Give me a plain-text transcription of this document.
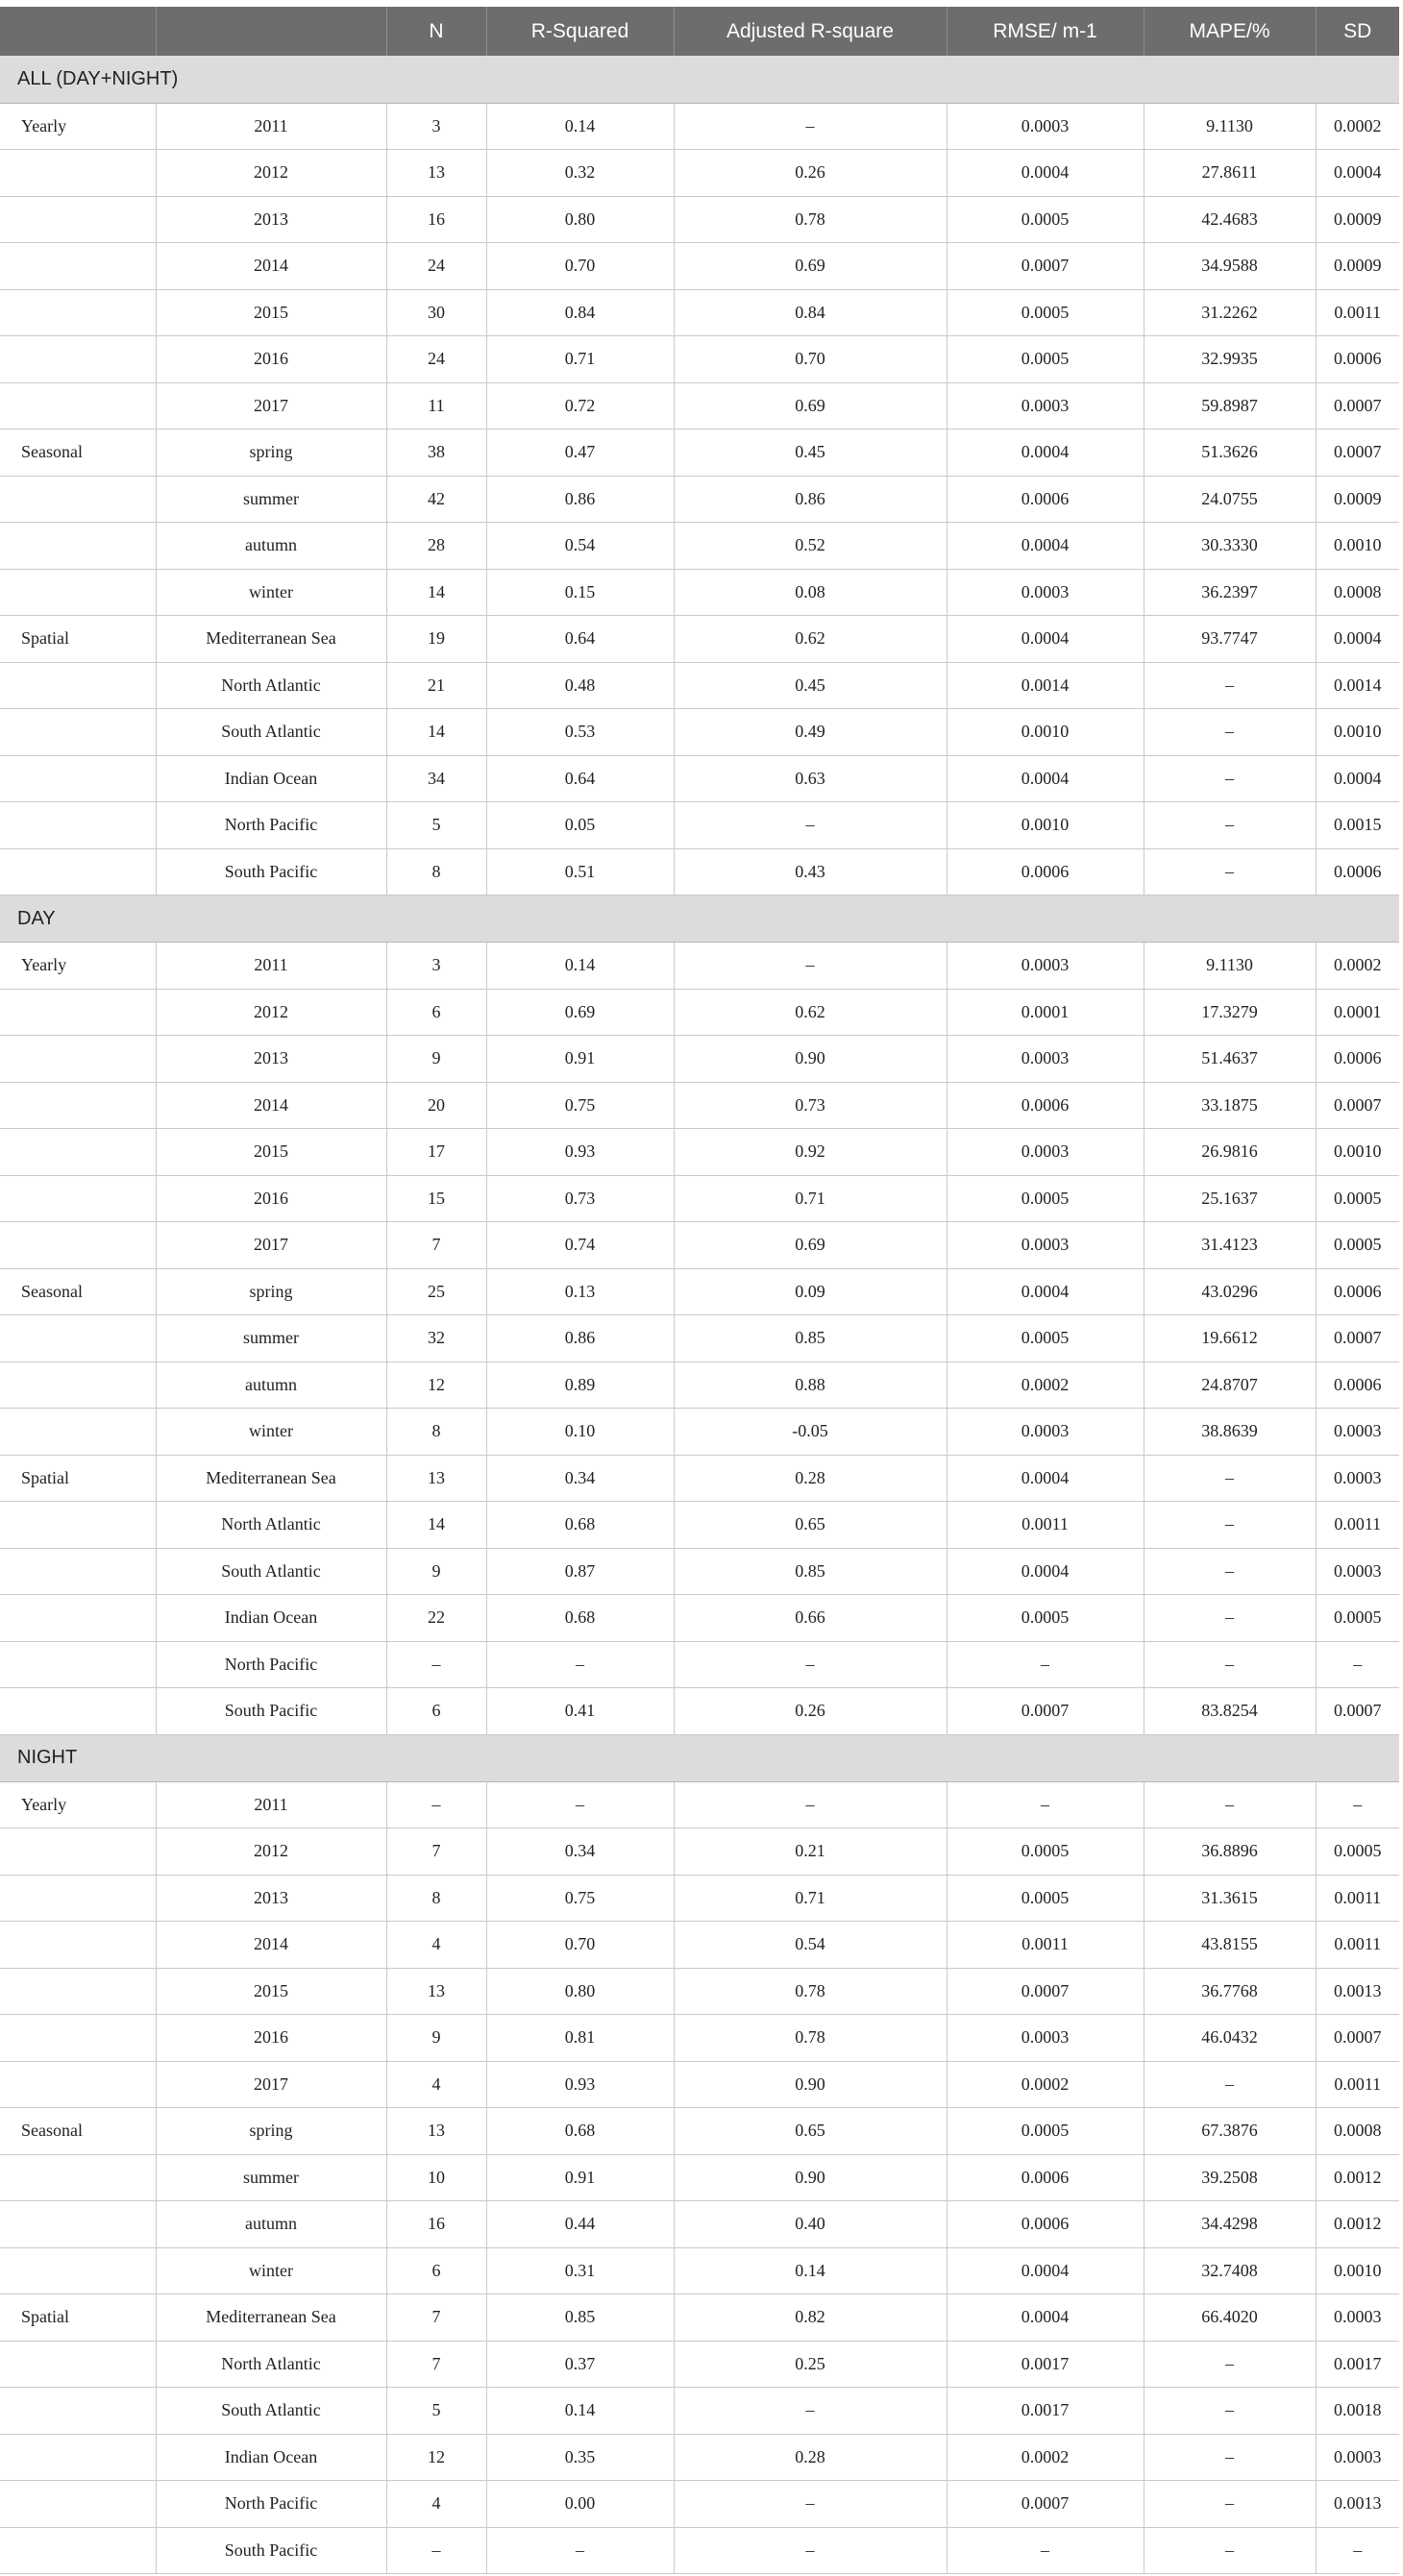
		N	R-Squared	Adjusted R-square	RMSE/ m-1	MAPE/%	SD
ALL (DAY+NIGHT)							
Yearly	2011	3	0.14	–	0.0003	9.1130	0.0002
	2012	13	0.32	0.26	0.0004	27.8611	0.0004
	2013	16	0.80	0.78	0.0005	42.4683	0.0009
	2014	24	0.70	0.69	0.0007	34.9588	0.0009
	2015	30	0.84	0.84	0.0005	31.2262	0.0011
	2016	24	0.71	0.70	0.0005	32.9935	0.0006
	2017	11	0.72	0.69	0.0003	59.8987	0.0007
Seasonal	spring	38	0.47	0.45	0.0004	51.3626	0.0007
	summer	42	0.86	0.86	0.0006	24.0755	0.0009
	autumn	28	0.54	0.52	0.0004	30.3330	0.0010
	winter	14	0.15	0.08	0.0003	36.2397	0.0008
Spatial	Mediterranean Sea	19	0.64	0.62	0.0004	93.7747	0.0004
	North Atlantic	21	0.48	0.45	0.0014	–	0.0014
	South Atlantic	14	0.53	0.49	0.0010	–	0.0010
	Indian Ocean	34	0.64	0.63	0.0004	–	0.0004
	North Pacific	5	0.05	–	0.0010	–	0.0015
	South Pacific	8	0.51	0.43	0.0006	–	0.0006
DAY							
Yearly	2011	3	0.14	–	0.0003	9.1130	0.0002
	2012	6	0.69	0.62	0.0001	17.3279	0.0001
	2013	9	0.91	0.90	0.0003	51.4637	0.0006
	2014	20	0.75	0.73	0.0006	33.1875	0.0007
	2015	17	0.93	0.92	0.0003	26.9816	0.0010
	2016	15	0.73	0.71	0.0005	25.1637	0.0005
	2017	7	0.74	0.69	0.0003	31.4123	0.0005
Seasonal	spring	25	0.13	0.09	0.0004	43.0296	0.0006
	summer	32	0.86	0.85	0.0005	19.6612	0.0007
	autumn	12	0.89	0.88	0.0002	24.8707	0.0006
	winter	8	0.10	-0.05	0.0003	38.8639	0.0003
Spatial	Mediterranean Sea	13	0.34	0.28	0.0004	–	0.0003
	North Atlantic	14	0.68	0.65	0.0011	–	0.0011
	South Atlantic	9	0.87	0.85	0.0004	–	0.0003
	Indian Ocean	22	0.68	0.66	0.0005	–	0.0005
	North Pacific	–	–	–	–	–	–
	South Pacific	6	0.41	0.26	0.0007	83.8254	0.0007
NIGHT							
Yearly	2011	–	–	–	–	–	–
	2012	7	0.34	0.21	0.0005	36.8896	0.0005
	2013	8	0.75	0.71	0.0005	31.3615	0.0011
	2014	4	0.70	0.54	0.0011	43.8155	0.0011
	2015	13	0.80	0.78	0.0007	36.7768	0.0013
	2016	9	0.81	0.78	0.0003	46.0432	0.0007
	2017	4	0.93	0.90	0.0002	–	0.0011
Seasonal	spring	13	0.68	0.65	0.0005	67.3876	0.0008
	summer	10	0.91	0.90	0.0006	39.2508	0.0012
	autumn	16	0.44	0.40	0.0006	34.4298	0.0012
	winter	6	0.31	0.14	0.0004	32.7408	0.0010
Spatial	Mediterranean Sea	7	0.85	0.82	0.0004	66.4020	0.0003
	North Atlantic	7	0.37	0.25	0.0017	–	0.0017
	South Atlantic	5	0.14	–	0.0017	–	0.0018
	Indian Ocean	12	0.35	0.28	0.0002	–	0.0003
	North Pacific	4	0.00	–	0.0007	–	0.0013
	South Pacific	–	–	–	–	–	–
